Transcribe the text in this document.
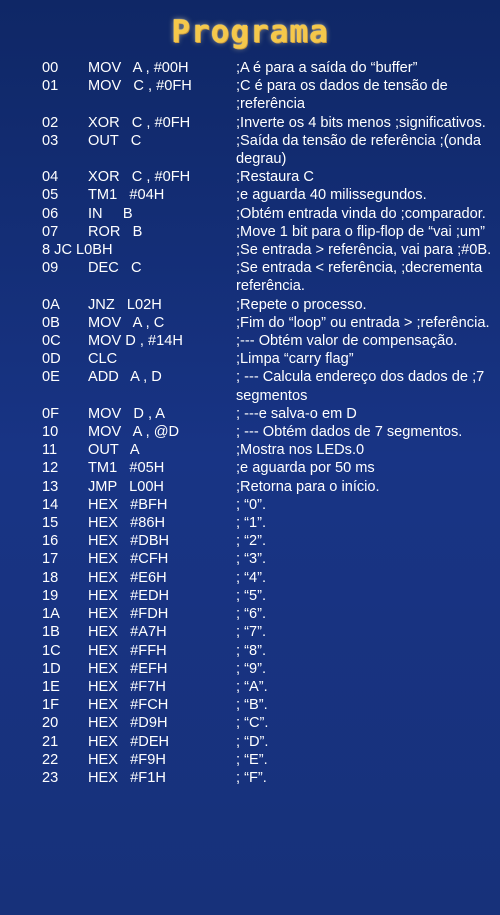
Programa
00 MOV   A , #00H	;A é para a saída do “buffer”
01 MOV   C , #0FH	;C é para os dados de tensão de ;referência
02 XOR   C , #0FH	;Inverte os 4 bits menos ;significativos.
03 OUT   C	;Saída da tensão de referência ;(onda degrau)
04 XOR   C , #0FH	;Restaura C
05 TM1   #04H	;e aguarda 40 milissegundos.
06 IN     B	;Obtém entrada vinda do ;comparador.
07 ROR   B	;Move 1 bit para o flip-flop de “vai ;um”
8 JC L0BH	;Se entrada > referência, vai para ;#0B.
09 DEC   C	;Se entrada < referência, ;decrementa referência.
0A JNZ   L02H	;Repete o processo.
0B MOV   A , C	;Fim do “loop” ou entrada > ;referência.
0C MOV D , #14H	;--- Obtém valor de compensação.
0D CLC	;Limpa “carry flag”
0E ADD   A , D	; --- Calcula endereço dos dados de ;7 segmentos
0F MOV   D , A	; ---e salva-o em D
10 MOV   A , @D	; --- Obtém dados de 7 segmentos.
11 OUT   A	;Mostra nos LEDs.0
12 TM1   #05H	;e aguarda por 50 ms
13 JMP   L00H	;Retorna para o início.
14 HEX   #BFH	; “0”.
15 HEX   #86H	; “1”.
16 HEX   #DBH	; “2”.
17 HEX   #CFH	; “3”.
18 HEX   #E6H	; “4”.
19 HEX   #EDH	; “5”.
1A HEX   #FDH	; “6”.
1B HEX   #A7H	; “7”.
1C HEX   #FFH	; “8”.
1D HEX   #EFH	; “9”.
1E HEX   #F7H	; “A”.
1F HEX   #FCH	; “B”.
20 HEX   #D9H	; “C”.
21 HEX   #DEH	; “D”.
22 HEX   #F9H	; “E”.
23 HEX   #F1H	; “F”.
